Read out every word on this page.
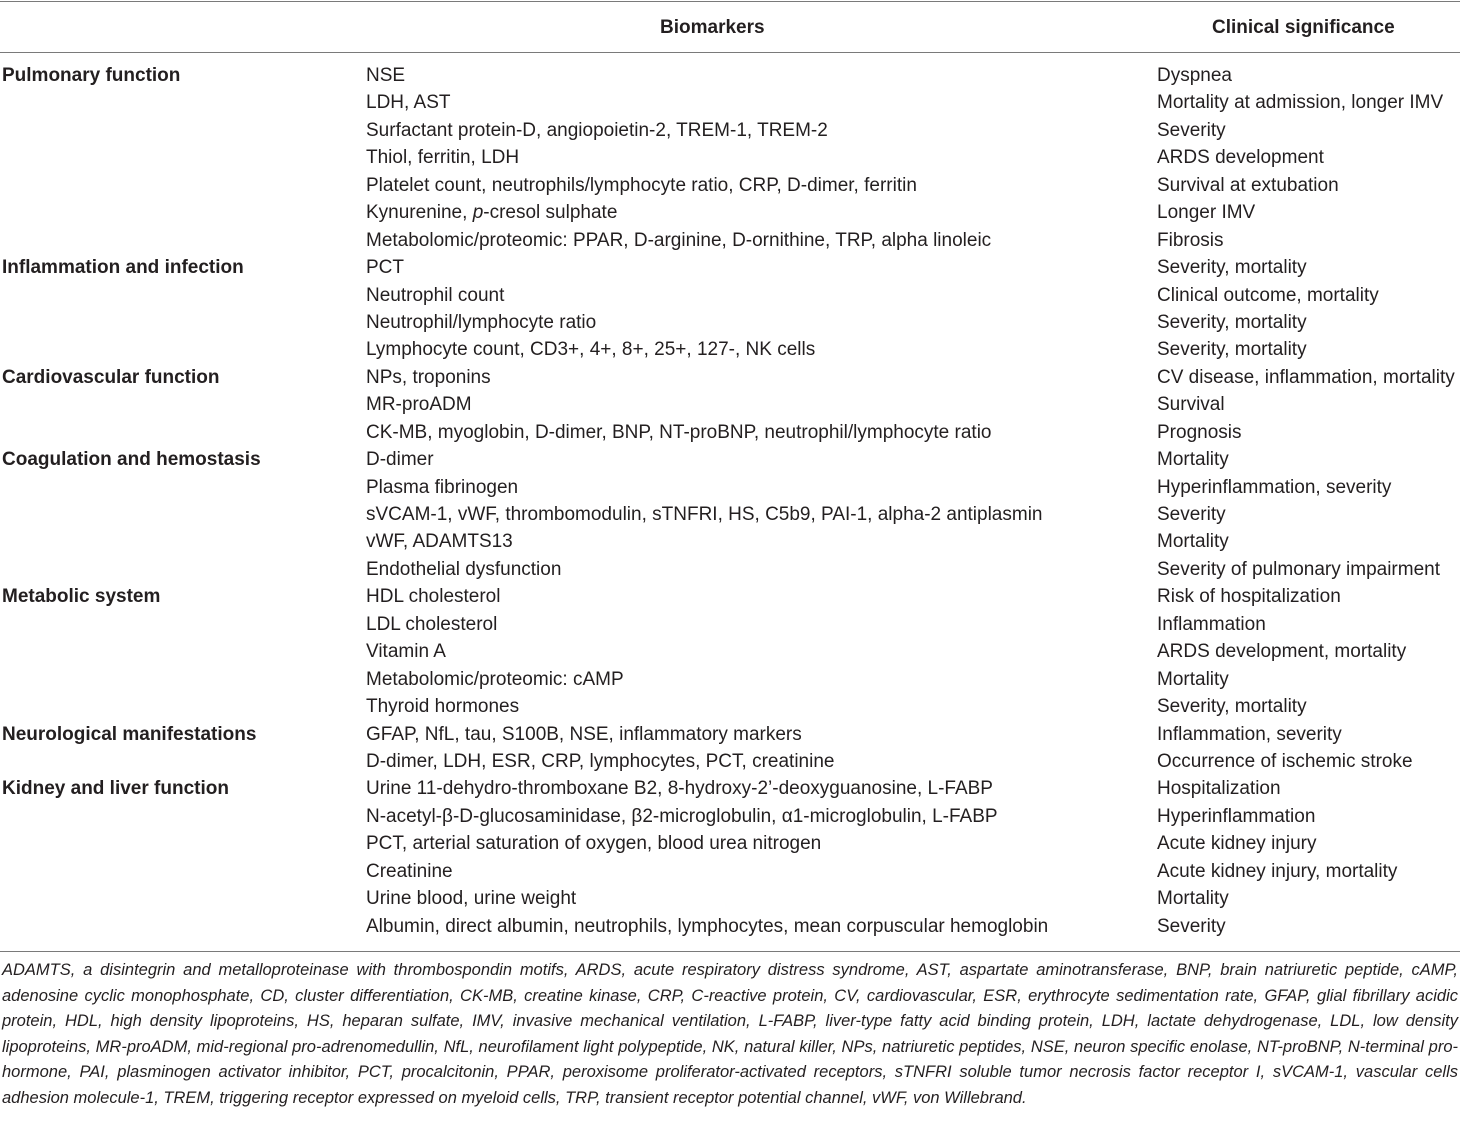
Biomarkers	Clinical significance
Pulmonary function	NSE	Dyspnea
LDH, AST	Mortality at admission, longer IMV
Surfactant protein-D, angiopoietin-2, TREM-1, TREM-2	Severity
Thiol, ferritin, LDH	ARDS development
Platelet count, neutrophils/lymphocyte ratio, CRP, D-dimer, ferritin	Survival at extubation
Kynurenine, p-cresol sulphate	Longer IMV
Metabolomic/proteomic: PPAR, D-arginine, D-ornithine, TRP, alpha linoleic	Fibrosis
Inflammation and infection	PCT	Severity, mortality
Neutrophil count	Clinical outcome, mortality
Neutrophil/lymphocyte ratio	Severity, mortality
Lymphocyte count, CD3+, 4+, 8+, 25+, 127-, NK cells	Severity, mortality
Cardiovascular function	NPs, troponins	CV disease, inflammation, mortality
MR-proADM	Survival
CK-MB, myoglobin, D-dimer, BNP, NT-proBNP, neutrophil/lymphocyte ratio	Prognosis
Coagulation and hemostasis	D-dimer	Mortality
Plasma fibrinogen	Hyperinflammation, severity
sVCAM-1, vWF, thrombomodulin, sTNFRI, HS, C5b9, PAI-1, alpha-2 antiplasmin	Severity
vWF, ADAMTS13	Mortality
Endothelial dysfunction	Severity of pulmonary impairment
Metabolic system	HDL cholesterol	Risk of hospitalization
LDL cholesterol	Inflammation
Vitamin A	ARDS development, mortality
Metabolomic/proteomic: cAMP	Mortality
Thyroid hormones	Severity, mortality
Neurological manifestations	GFAP, NfL, tau, S100B, NSE, inflammatory markers	Inflammation, severity
D-dimer, LDH, ESR, CRP, lymphocytes, PCT, creatinine	Occurrence of ischemic stroke
Kidney and liver function	Urine 11-dehydro-thromboxane B2, 8-hydroxy-2’-deoxyguanosine, L-FABP	Hospitalization
N-acetyl-β-D-glucosaminidase, β2-microglobulin, α1-microglobulin, L-FABP	Hyperinflammation
PCT, arterial saturation of oxygen, blood urea nitrogen	Acute kidney injury
Creatinine	Acute kidney injury, mortality
Urine blood, urine weight	Mortality
Albumin, direct albumin, neutrophils, lymphocytes, mean corpuscular hemoglobin	Severity
ADAMTS, a disintegrin and metalloproteinase with thrombospondin motifs, ARDS, acute respiratory distress syndrome, AST, aspartate aminotransferase, BNP, brain natriuretic peptide, cAMP, adenosine cyclic monophosphate, CD, cluster differentiation, CK-MB, creatine kinase, CRP, C-reactive protein, CV, cardiovascular, ESR, erythrocyte sedimentation rate, GFAP, glial fibrillary acidic protein, HDL, high density lipoproteins, HS, heparan sulfate, IMV, invasive mechanical ventilation, L-FABP, liver-type fatty acid binding protein, LDH, lactate dehydrogenase, LDL, low density lipoproteins, MR-proADM, mid-regional pro-adrenomedullin, NfL, neurofilament light polypeptide, NK, natural killer, NPs, natriuretic peptides, NSE, neuron specific enolase, NT-proBNP, N-terminal pro-hormone, PAI, plasminogen activator inhibitor, PCT, procalcitonin, PPAR, peroxisome proliferator-activated receptors, sTNFRI soluble tumor necrosis factor receptor I, sVCAM-1, vascular cells adhesion molecule-1, TREM, triggering receptor expressed on myeloid cells, TRP, transient receptor potential channel, vWF, von Willebrand.
